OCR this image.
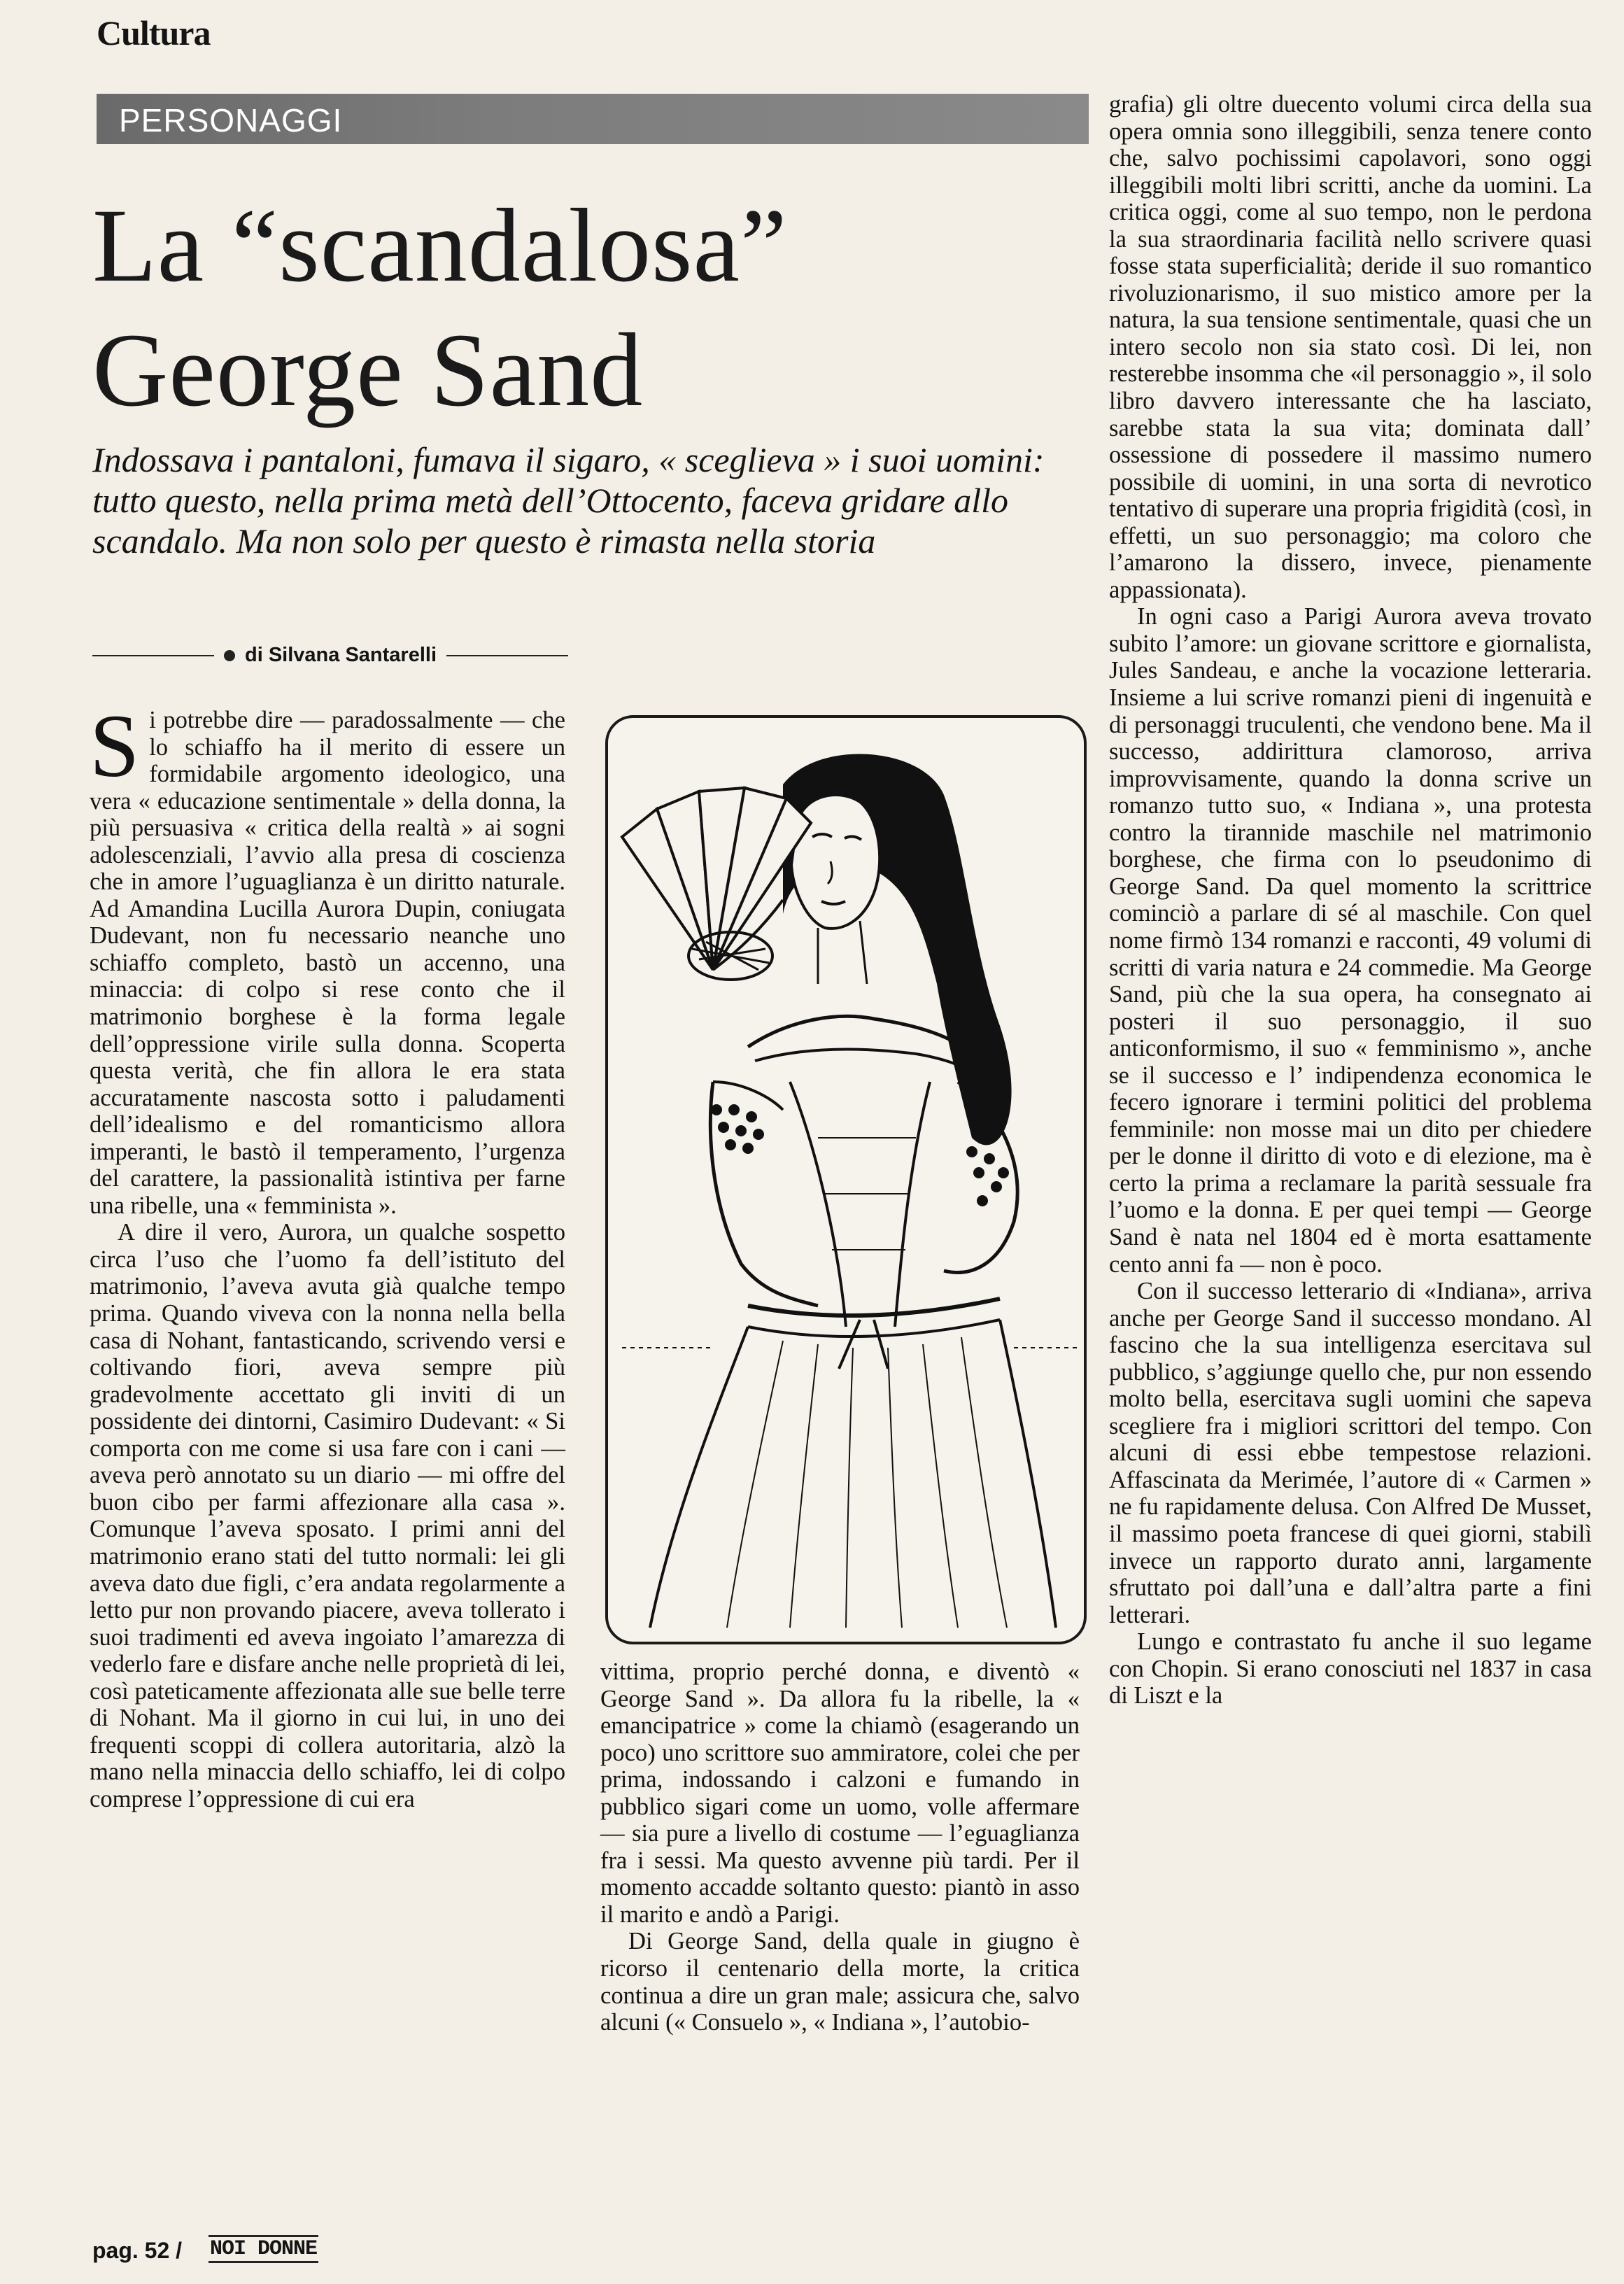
Cultura
PERSONAGGI
La “scandalosa”
George Sand
Indossava i pantaloni, fumava il sigaro, « sceglieva » i suoi uomini: tutto questo, nella prima metà dell’Ottocento, faceva gridare allo scandalo. Ma non solo per questo è rimasta nella storia
di Silvana Santarelli

Si potrebbe dire — paradossalmente — che lo schiaffo ha il merito di essere un formidabile argomento ideologico, una vera « educazione sentimentale » della donna, la più persuasiva « critica della realtà » ai sogni adolescenziali, l’avvio alla presa di coscienza che in amore l’uguaglianza è un diritto naturale. Ad Amandina Lucilla Aurora Dupin, coniugata Dudevant, non fu necessario neanche uno schiaffo completo, bastò un accenno, una minaccia: di colpo si rese conto che il matrimonio borghese è la forma legale dell’oppressione virile sulla donna. Scoperta questa verità, che fin allora le era stata accuratamente nascosta sotto i paludamenti dell’idealismo e del romanticismo allora imperanti, le bastò il temperamento, l’urgenza del carattere, la passionalità istintiva per farne una ribelle, una « femminista ».

A dire il vero, Aurora, un qualche sospetto circa l’uso che l’uomo fa dell’istituto del matrimonio, l’aveva avuta già qualche tempo prima. Quando viveva con la nonna nella bella casa di Nohant, fantasticando, scrivendo versi e coltivando fiori, aveva sempre più gradevolmente accettato gli inviti di un possidente dei dintorni, Casimiro Dudevant: « Si comporta con me come si usa fare con i cani — aveva però annotato su un diario — mi offre del buon cibo per farmi affezionare alla casa ». Comunque l’aveva sposato. I primi anni del matrimonio erano stati del tutto normali: lei gli aveva dato due figli, c’era andata regolarmente a letto pur non provando piacere, aveva tollerato i suoi tradimenti ed aveva ingoiato l’amarezza di vederlo fare e disfare anche nelle proprietà di lei, così pateticamente affezionata alle sue belle terre di Nohant. Ma il giorno in cui lui, in uno dei frequenti scoppi di collera autoritaria, alzò la mano nella minaccia dello schiaffo, lei di colpo comprese l’oppressione di cui era

vittima, proprio perché donna, e diventò « George Sand ». Da allora fu la ribelle, la « emancipatrice » come la chiamò (esagerando un poco) uno scrittore suo ammiratore, colei che per prima, indossando i calzoni e fumando in pubblico sigari come un uomo, volle affermare — sia pure a livello di costume — l’eguaglianza fra i sessi. Ma questo avvenne più tardi. Per il momento accadde soltanto questo: piantò in asso il marito e andò a Parigi.

Di George Sand, della quale in giugno è ricorso il centenario della morte, la critica continua a dire un gran male; assicura che, salvo alcuni (« Consuelo », « Indiana », l’autobio-

grafia) gli oltre duecento volumi circa della sua opera omnia sono illeggibili, senza tenere conto che, salvo pochissimi capolavori, sono oggi illeggibili molti libri scritti, anche da uomini. La critica oggi, come al suo tempo, non le perdona la sua straordinaria facilità nello scrivere quasi fosse stata superficialità; deride il suo romantico rivoluzionarismo, il suo mistico amore per la natura, la sua tensione sentimentale, quasi che un intero secolo non sia stato così. Di lei, non resterebbe insomma che «il personaggio », il solo libro davvero interessante che ha lasciato, sarebbe stata la sua vita; dominata dall’ ossessione di possedere il massimo numero possibile di uomini, in una sorta di nevrotico tentativo di superare una propria frigidità (così, in effetti, un suo personaggio; ma coloro che l’amarono la dissero, invece, pienamente appassionata).

In ogni caso a Parigi Aurora aveva trovato subito l’amore: un giovane scrittore e giornalista, Jules Sandeau, e anche la vocazione letteraria. Insieme a lui scrive romanzi pieni di ingenuità e di personaggi truculenti, che vendono bene. Ma il successo, addirittura clamoroso, arriva improvvisamente, quando la donna scrive un romanzo tutto suo, « Indiana », una protesta contro la tirannide maschile nel matrimonio borghese, che firma con lo pseudonimo di George Sand. Da quel momento la scrittrice cominciò a parlare di sé al maschile. Con quel nome firmò 134 romanzi e racconti, 49 volumi di scritti di varia natura e 24 commedie. Ma George Sand, più che la sua opera, ha consegnato ai posteri il suo personaggio, il suo anticonformismo, il suo « femminismo », anche se il successo e l’ indipendenza economica le fecero ignorare i termini politici del problema femminile: non mosse mai un dito per chiedere per le donne il diritto di voto e di elezione, ma è certo la prima a reclamare la parità sessuale fra l’uomo e la donna. E per quei tempi — George Sand è nata nel 1804 ed è morta esattamente cento anni fa — non è poco.

Con il successo letterario di «Indiana», arriva anche per George Sand il successo mondano. Al fascino che la sua intelligenza esercitava sul pubblico, s’aggiunge quello che, pur non essendo molto bella, esercitava sugli uomini che sapeva scegliere fra i migliori scrittori del tempo. Con alcuni di essi ebbe tempestose relazioni. Affascinata da Merimée, l’autore di « Carmen » ne fu rapidamente delusa. Con Alfred De Musset, il massimo poeta francese di quei giorni, stabilì invece un rapporto durato anni, largamente sfruttato poi dall’una e dall’altra parte a fini letterari.

Lungo e contrastato fu anche il suo legame con Chopin. Si erano conosciuti nel 1837 in casa di Liszt e la

pag. 52 / NOI DONNE
